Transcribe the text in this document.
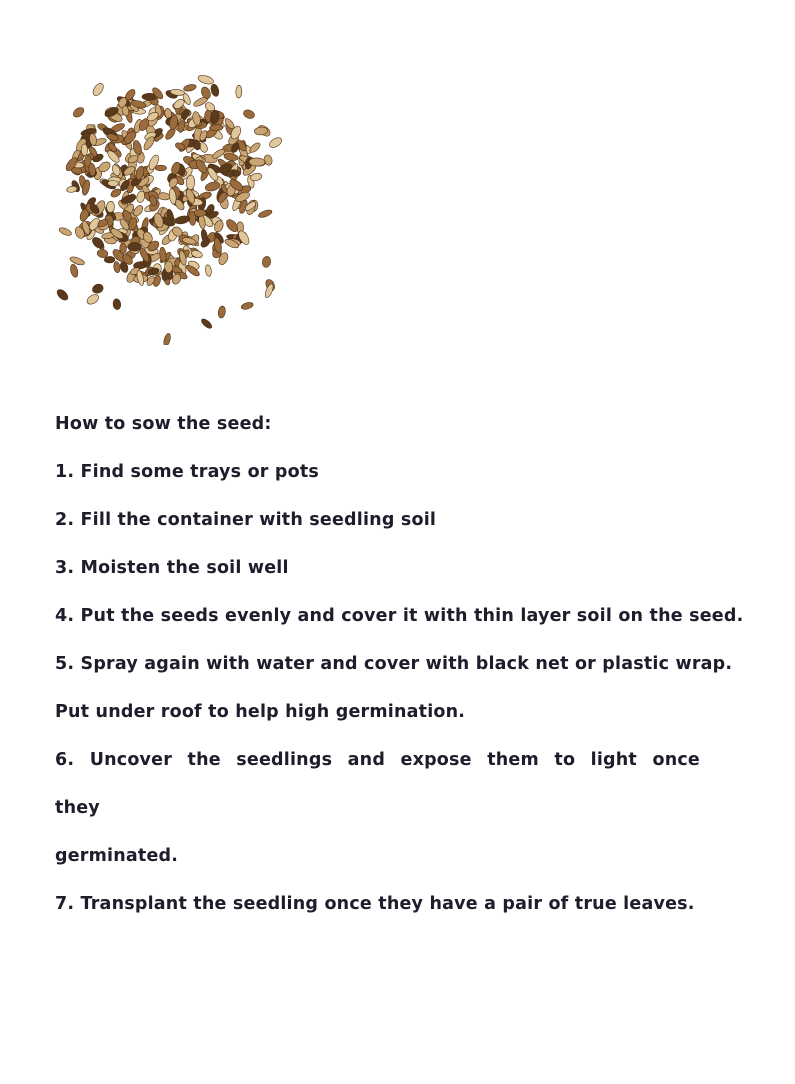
How to sow the seed:

1. Find some trays or pots

2. Fill the container with seedling soil

3. Moisten the soil well

4. Put the seeds evenly and cover it with thin layer soil on the seed.

5. Spray again with water and cover with black net or plastic wrap.

Put under roof to help high germination.

6. Uncover the seedlings and expose them to light once they

germinated.

7. Transplant the seedling once they have a pair of true leaves.
